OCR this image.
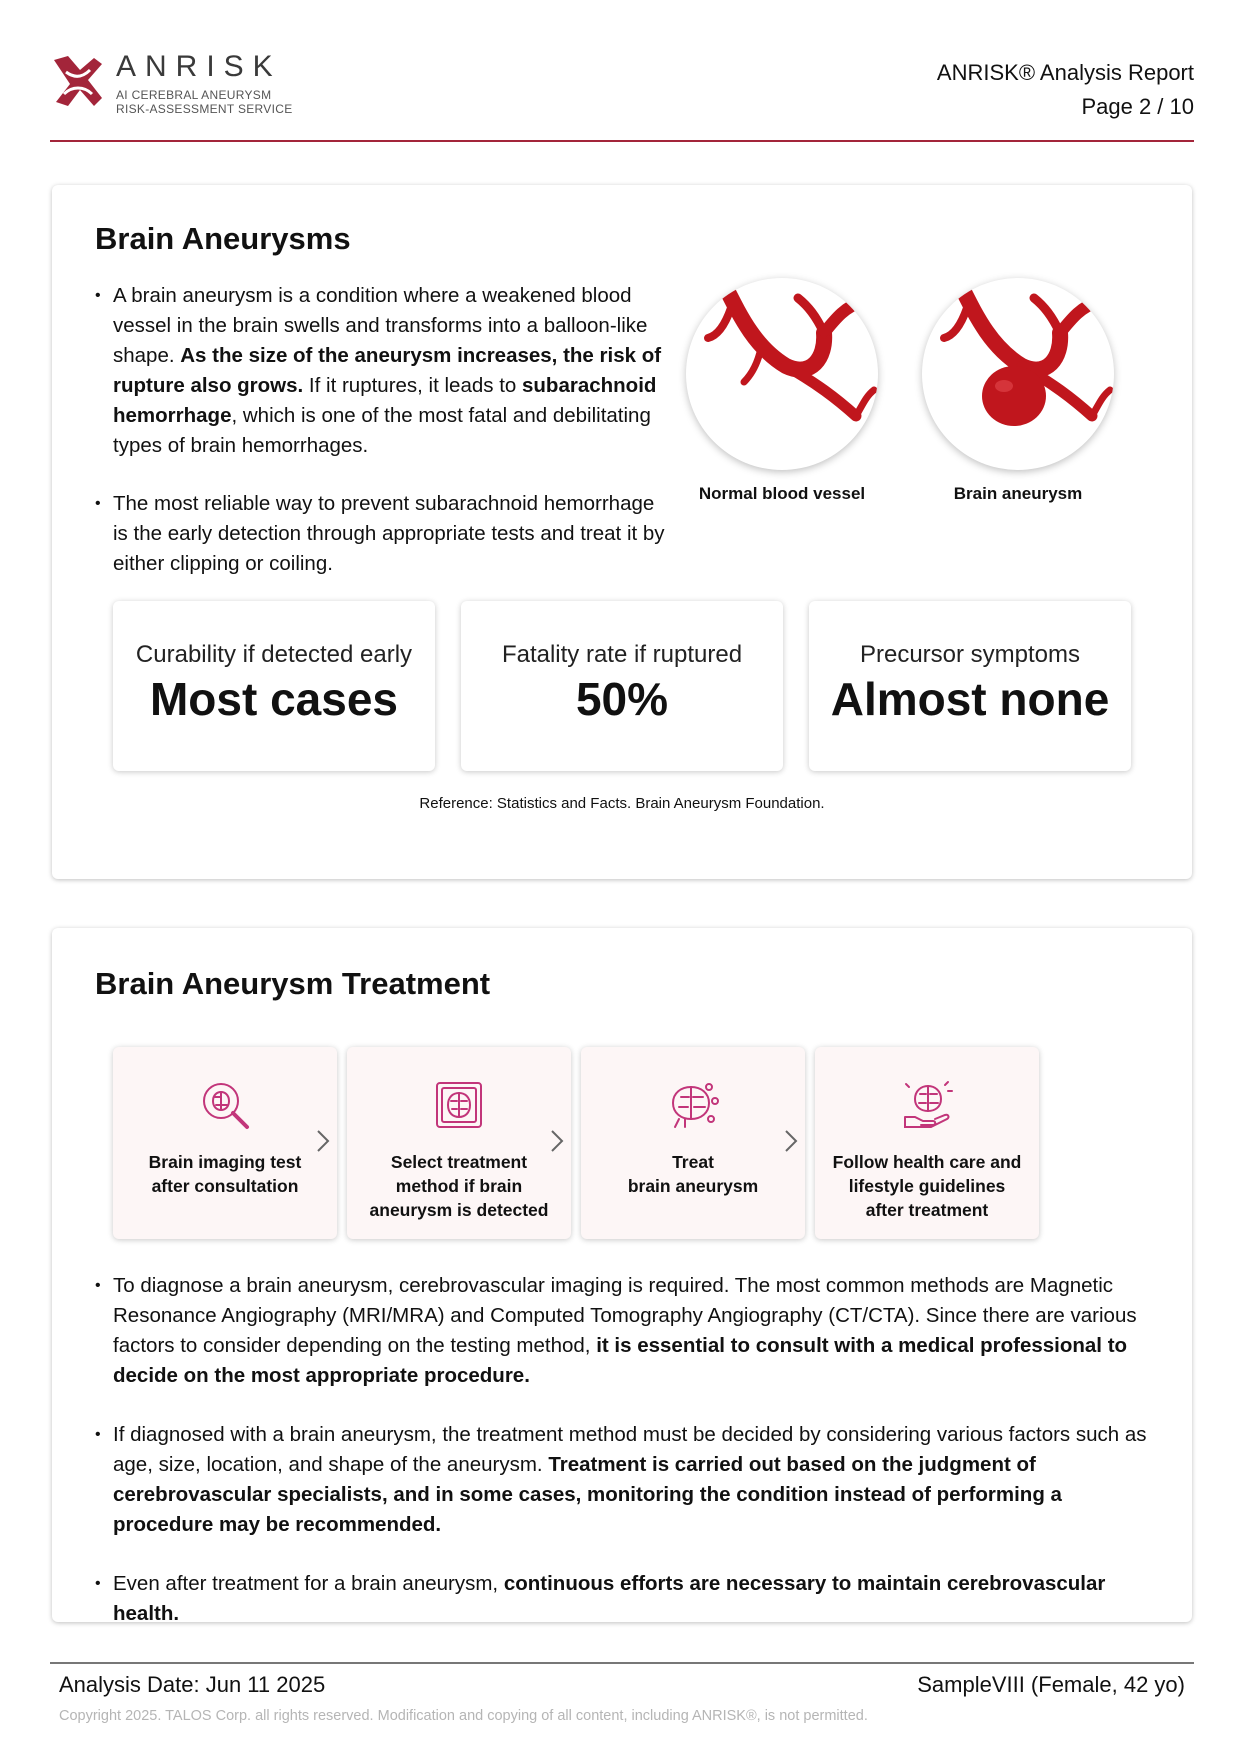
ANRISK
AI CEREBRAL ANEURYSM
RISK-ASSESSMENT SERVICE
ANRISK® Analysis Report
Page 2 / 10
Brain Aneurysms
• A brain aneurysm is a condition where a weakened blood vessel in the brain swells and transforms into a balloon-like shape. As the size of the aneurysm increases, the risk of rupture also grows. If it ruptures, it leads to subarachnoid hemorrhage, which is one of the most fatal and debilitating types of brain hemorrhages.
• The most reliable way to prevent subarachnoid hemorrhage is the early detection through appropriate tests and treat it by either clipping or coiling.
Normal blood vessel	Brain aneurysm
Curability if detected early
Most cases
Fatality rate if ruptured
50%
Precursor symptoms
Almost none
Reference: Statistics and Facts. Brain Aneurysm Foundation.
Brain Aneurysm Treatment
Brain imaging test
after consultation
Select treatment
method if brain
aneurysm is detected
Treat
brain aneurysm
Follow health care and
lifestyle guidelines
after treatment
• To diagnose a brain aneurysm, cerebrovascular imaging is required. The most common methods are Magnetic Resonance Angiography (MRI/MRA) and Computed Tomography Angiography (CT/CTA). Since there are various factors to consider depending on the testing method, it is essential to consult with a medical professional to decide on the most appropriate procedure.
• If diagnosed with a brain aneurysm, the treatment method must be decided by considering various factors such as age, size, location, and shape of the aneurysm. Treatment is carried out based on the judgment of cerebrovascular specialists, and in some cases, monitoring the condition instead of performing a procedure may be recommended.
• Even after treatment for a brain aneurysm, continuous efforts are necessary to maintain cerebrovascular health.
Analysis Date: Jun 11 2025	SampleVIII (Female, 42 yo)
Copyright 2025. TALOS Corp. all rights reserved. Modification and copying of all content, including ANRISK®, is not permitted.
